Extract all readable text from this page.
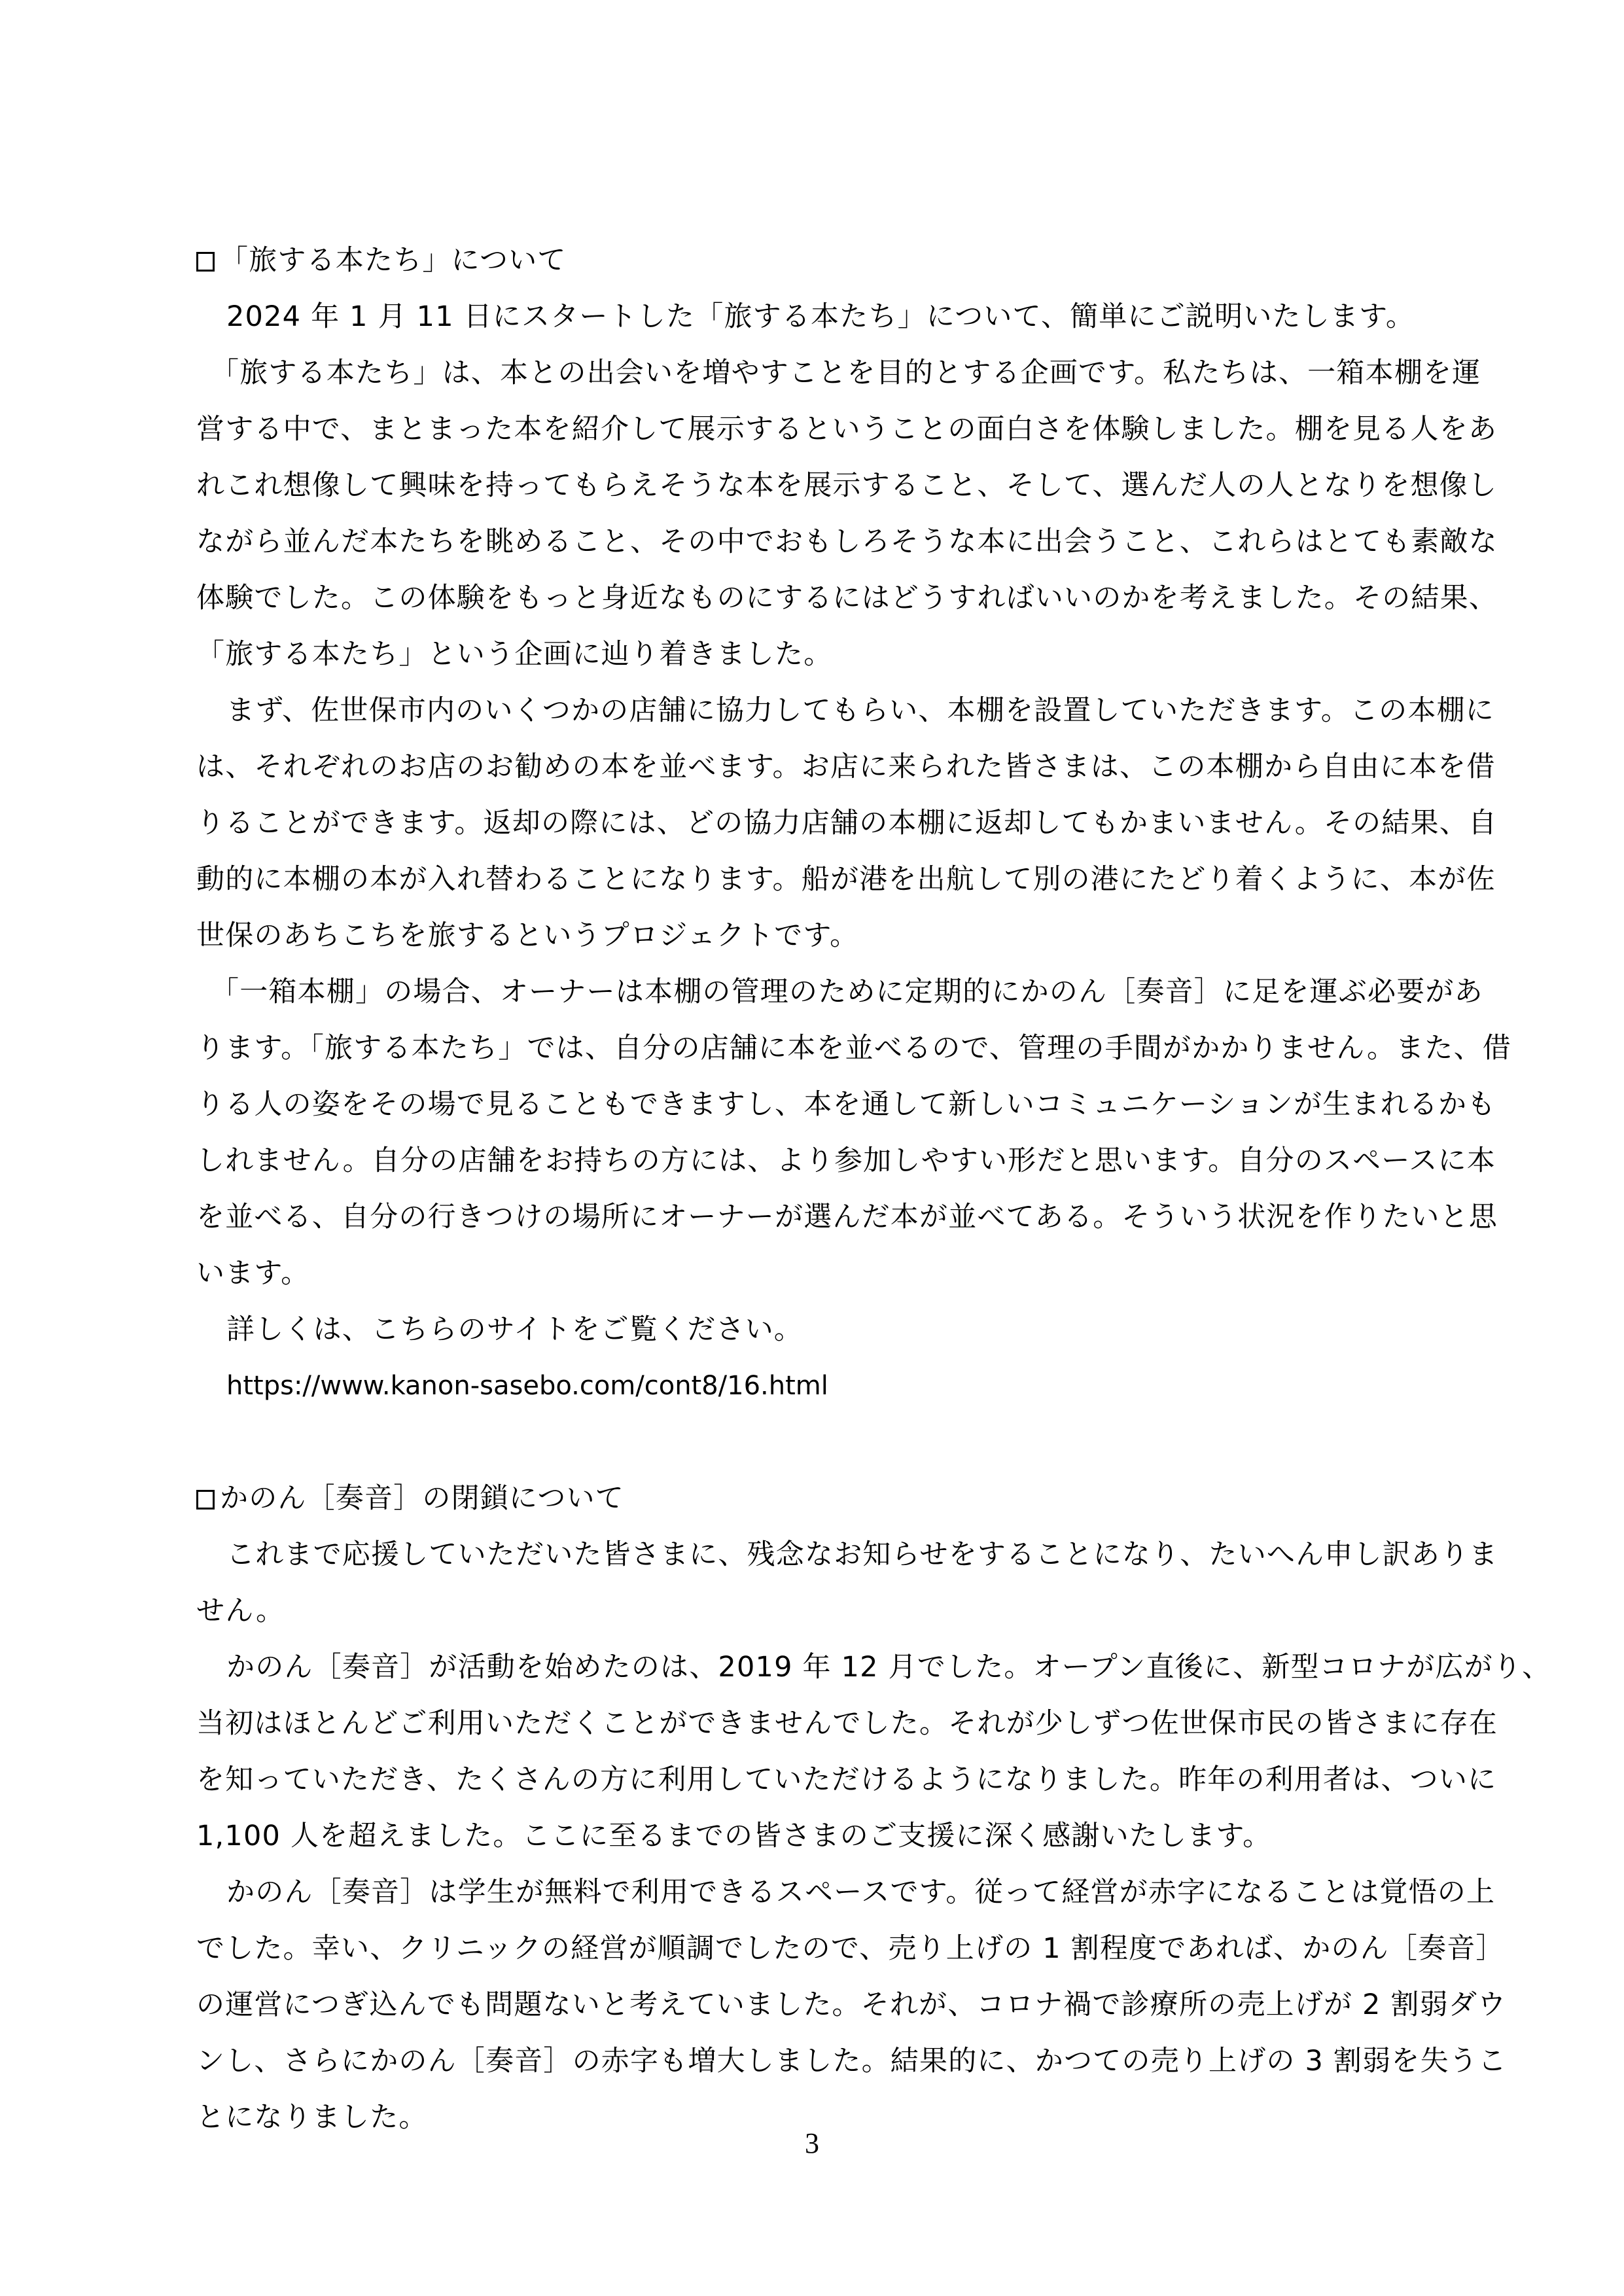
「旅する本たち」について
2024 年 1 月 11 日にスタートした「旅する本たち」について、簡単にご説明いたします。
「旅する本たち」は、本との出会いを増やすことを目的とする企画です。私たちは、一箱本棚を運
営する中で、まとまった本を紹介して展示するということの面白さを体験しました。棚を見る人をあ
れこれ想像して興味を持ってもらえそうな本を展示すること、そして、選んだ人の人となりを想像し
ながら並んだ本たちを眺めること、その中でおもしろそうな本に出会うこと、これらはとても素敵な
体験でした。この体験をもっと身近なものにするにはどうすればいいのかを考えました。その結果、
「旅する本たち」という企画に辿り着きました。
まず、佐世保市内のいくつかの店舗に協力してもらい、本棚を設置していただきます。この本棚に
は、それぞれのお店のお勧めの本を並べます。お店に来られた皆さまは、この本棚から自由に本を借
りることができます。返却の際には、どの協力店舗の本棚に返却してもかまいません。その結果、自
動的に本棚の本が入れ替わることになります。船が港を出航して別の港にたどり着くように、本が佐
世保のあちこちを旅するというプロジェクトです。
「一箱本棚」の場合、オーナーは本棚の管理のために定期的にかのん［奏音］に足を運ぶ必要があ
ります。「旅する本たち」では、自分の店舗に本を並べるので、管理の手間がかかりません。また、借
りる人の姿をその場で見ることもできますし、本を通して新しいコミュニケーションが生まれるかも
しれません。自分の店舗をお持ちの方には、より参加しやすい形だと思います。自分のスペースに本
を並べる、自分の行きつけの場所にオーナーが選んだ本が並べてある。そういう状況を作りたいと思
います。
詳しくは、こちらのサイトをご覧ください。
https://www.kanon-sasebo.com/cont8/16.html
かのん［奏音］の閉鎖について
これまで応援していただいた皆さまに、残念なお知らせをすることになり、たいへん申し訳ありま
せん。
かのん［奏音］が活動を始めたのは、2019 年 12 月でした。オープン直後に、新型コロナが広がり、
当初はほとんどご利用いただくことができませんでした。それが少しずつ佐世保市民の皆さまに存在
を知っていただき、たくさんの方に利用していただけるようになりました。昨年の利用者は、ついに
1,100 人を超えました。ここに至るまでの皆さまのご支援に深く感謝いたします。
かのん［奏音］は学生が無料で利用できるスペースです。従って経営が赤字になることは覚悟の上
でした。幸い、クリニックの経営が順調でしたので、売り上げの 1 割程度であれば、かのん［奏音］
の運営につぎ込んでも問題ないと考えていました。それが、コロナ禍で診療所の売上げが 2 割弱ダウ
ンし、さらにかのん［奏音］の赤字も増大しました。結果的に、かつての売り上げの 3 割弱を失うこ
とになりました。
3
